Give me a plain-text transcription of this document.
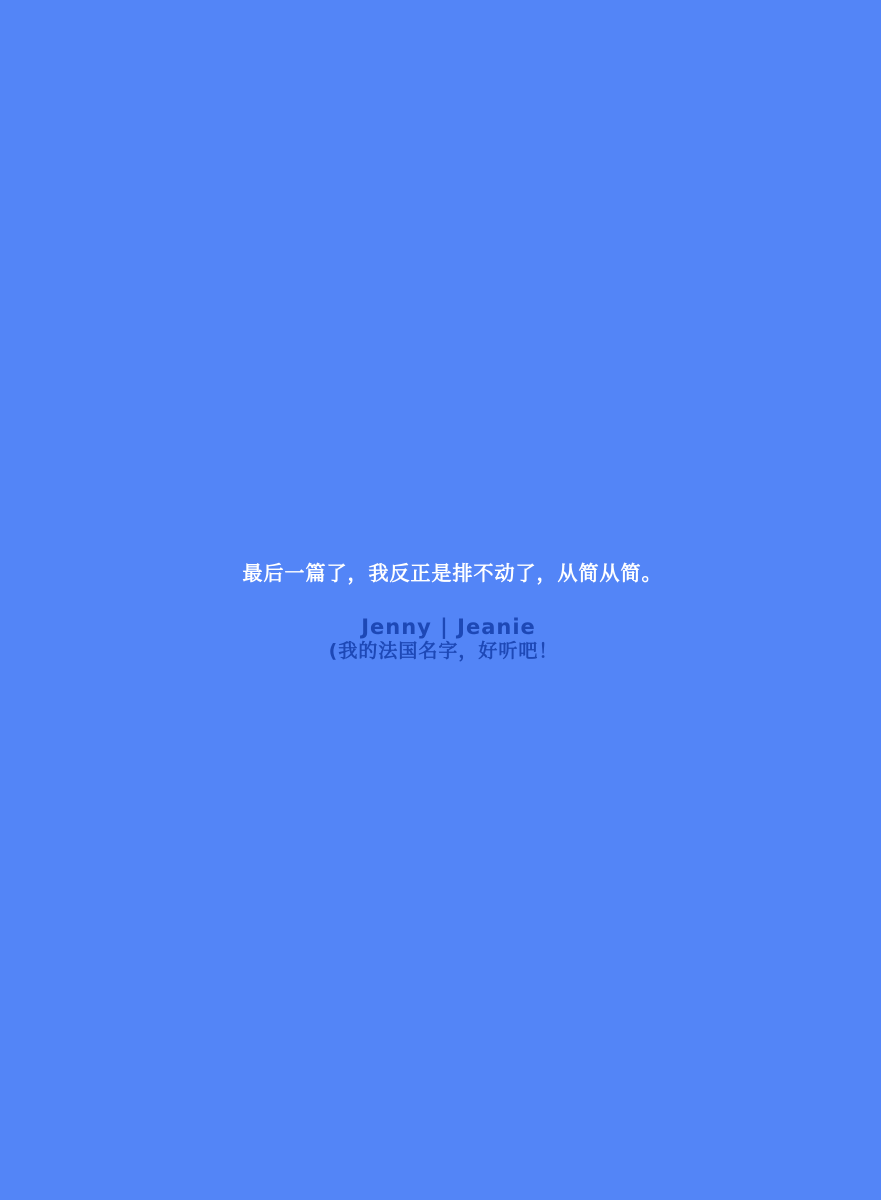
最后一篇了，我反正是排不动了，从简从简。
Jenny | Jeanie
(我的法国名字，好听吧！
